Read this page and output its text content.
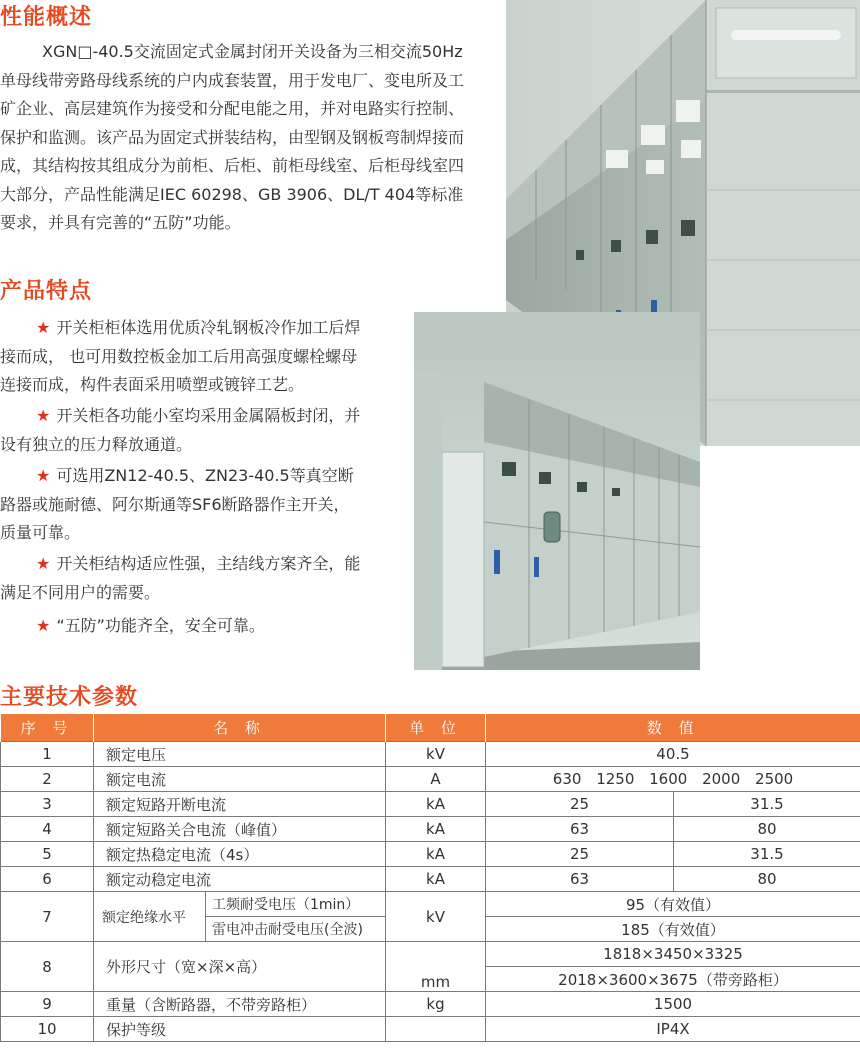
性能概述
XGN□-40.5交流固定式金属封闭开关设备为三相交流50Hz
单母线带旁路母线系统的户内成套装置，用于发电厂、变电所及工
矿企业、高层建筑作为接受和分配电能之用，并对电路实行控制、
保护和监测。该产品为固定式拼装结构，由型钢及钢板弯制焊接而
成，其结构按其组成分为前柜、后柜、前柜母线室、后柜母线室四
大部分，产品性能满足IEC 60298、GB 3906、DL/T 404等标准
要求，并具有完善的“五防”功能。
产品特点
★ 开关柜柜体选用优质冷轧钢板冷作加工后焊
接而成， 也可用数控板金加工后用高强度螺栓螺母
连接而成，构件表面采用喷塑或镀锌工艺。
★ 开关柜各功能小室均采用金属隔板封闭，并
设有独立的压力释放通道。
★ 可选用ZN12-40.5、ZN23-40.5等真空断
路器或施耐德、阿尔斯通等SF6断路器作主开关，
质量可靠。
★ 开关柜结构适应性强，主结线方案齐全，能
满足不同用户的需要。
★ “五防”功能齐全，安全可靠。
主要技术参数
序 号	名 称		单 位	数 值	
1	额定电压		kV	40.5	
2	额定电流		A	630 1250 1600 2000 2500	
3	额定短路开断电流		kA	25	31.5
4	额定短路关合电流（峰值）		kA	63	80
5	额定热稳定电流（4s）		kA	25	31.5
6	额定动稳定电流		kA	63	80
7	额定绝缘水平	工频耐受电压（1min）	kV	95（有效值）	
		雷电冲击耐受电压(全波)		185（有效值）	
8	外形尺寸（宽×深×高）		mm	1818×3450×3325	
				2018×3600×3675（带旁路柜）	
9	重量（含断路器，不带旁路柜）		kg	1500	
10	保护等级			IP4X	
